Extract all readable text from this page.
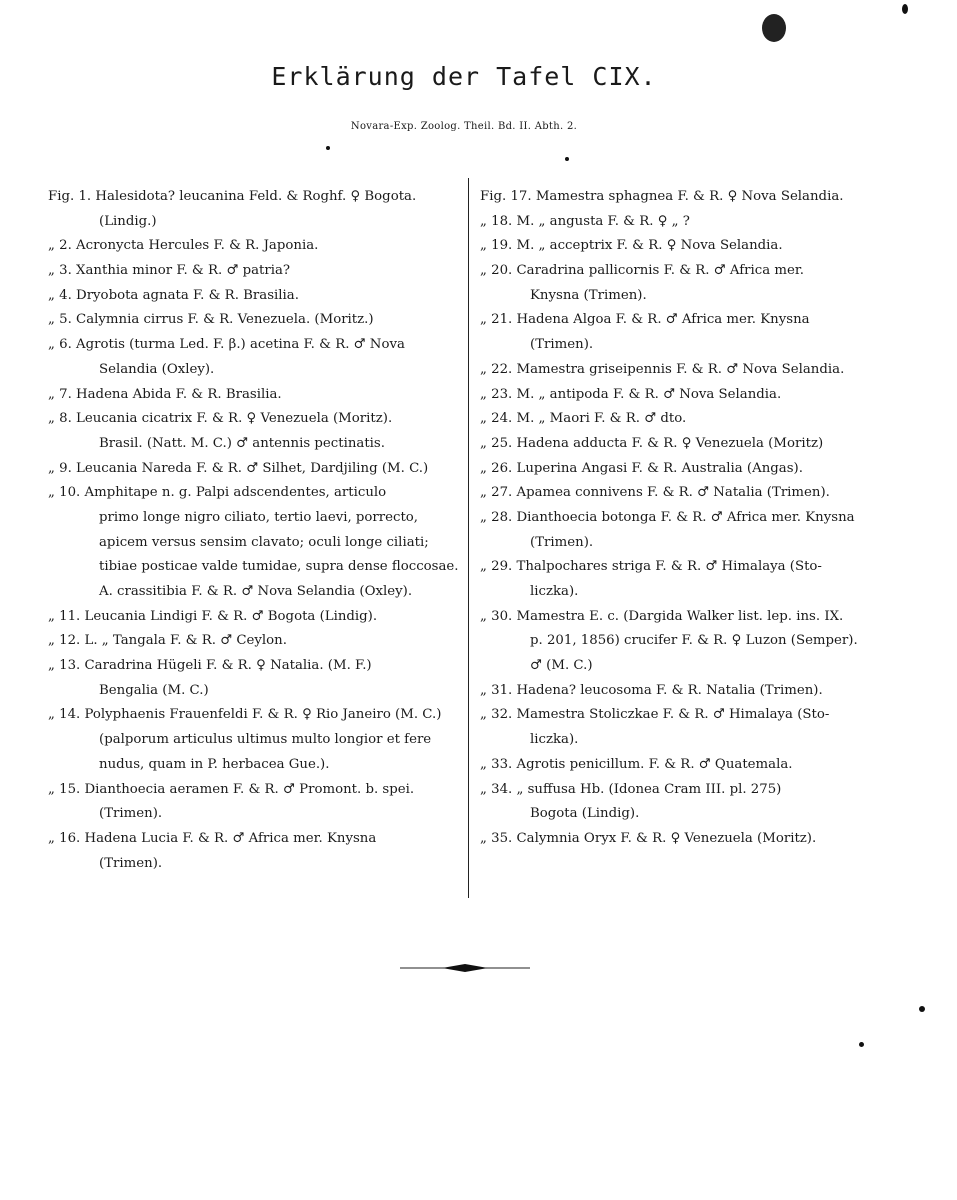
Erklärung der Tafel CIX.
Novara-Exp. Zoolog. Theil. Bd. II. Abth. 2.
Fig. 1. Halesidota? leucanina Feld. & Roghf. ♀ Bogota.
(Lindig.)
„ 2. Acronycta Hercules F. & R. Japonia.
„ 3. Xanthia minor F. & R. ♂ patria?
„ 4. Dryobota agnata F. & R. Brasilia.
„ 5. Calymnia cirrus F. & R. Venezuela. (Moritz.)
„ 6. Agrotis (turma Led. F. β.) acetina F. & R. ♂ Nova
Selandia (Oxley).
„ 7. Hadena Abida F. & R. Brasilia.
„ 8. Leucania cicatrix F. & R. ♀ Venezuela (Moritz).
Brasil. (Natt. M. C.) ♂ antennis pectinatis.
„ 9. Leucania Nareda F. & R. ♂ Silhet, Dardjiling (M. C.)
„ 10. Amphitape n. g. Palpi adscendentes, articulo
primo longe nigro ciliato, tertio laevi, porrecto,
apicem versus sensim clavato; oculi longe ciliati;
tibiae posticae valde tumidae, supra dense floccosae.
A. crassitibia F. & R. ♂ Nova Selandia (Oxley).
„ 11. Leucania Lindigi F. & R. ♂ Bogota (Lindig).
„ 12. L. „ Tangala F. & R. ♂ Ceylon.
„ 13. Caradrina Hügeli F. & R. ♀ Natalia. (M. F.)
Bengalia (M. C.)
„ 14. Polyphaenis Frauenfeldi F. & R. ♀ Rio Janeiro (M. C.)
(palporum articulus ultimus multo longior et fere
nudus, quam in P. herbacea Gue.).
„ 15. Dianthoecia aeramen F. & R. ♂ Promont. b. spei.
(Trimen).
„ 16. Hadena Lucia F. & R. ♂ Africa mer. Knysna
(Trimen).
Fig. 17. Mamestra sphagnea F. & R. ♀ Nova Selandia.
„ 18. M. „ angusta F. & R. ♀ „ ?
„ 19. M. „ acceptrix F. & R. ♀ Nova Selandia.
„ 20. Caradrina pallicornis F. & R. ♂ Africa mer.
Knysna (Trimen).
„ 21. Hadena Algoa F. & R. ♂ Africa mer. Knysna
(Trimen).
„ 22. Mamestra griseipennis F. & R. ♂ Nova Selandia.
„ 23. M. „ antipoda F. & R. ♂ Nova Selandia.
„ 24. M. „ Maori F. & R. ♂ dto.
„ 25. Hadena adducta F. & R. ♀ Venezuela (Moritz)
„ 26. Luperina Angasi F. & R. Australia (Angas).
„ 27. Apamea connivens F. & R. ♂ Natalia (Trimen).
„ 28. Dianthoecia botonga F. & R. ♂ Africa mer. Knysna
(Trimen).
„ 29. Thalpochares striga F. & R. ♂ Himalaya (Sto-
liczka).
„ 30. Mamestra E. c. (Dargida Walker list. lep. ins. IX.
p. 201, 1856) crucifer F. & R. ♀ Luzon (Semper).
♂ (M. C.)
„ 31. Hadena? leucosoma F. & R. Natalia (Trimen).
„ 32. Mamestra Stoliczkae F. & R. ♂ Himalaya (Sto-
liczka).
„ 33. Agrotis penicillum. F. & R. ♂ Quatemala.
„ 34. „ suffusa Hb. (Idonea Cram III. pl. 275)
Bogota (Lindig).
„ 35. Calymnia Oryx F. & R. ♀ Venezuela (Moritz).
